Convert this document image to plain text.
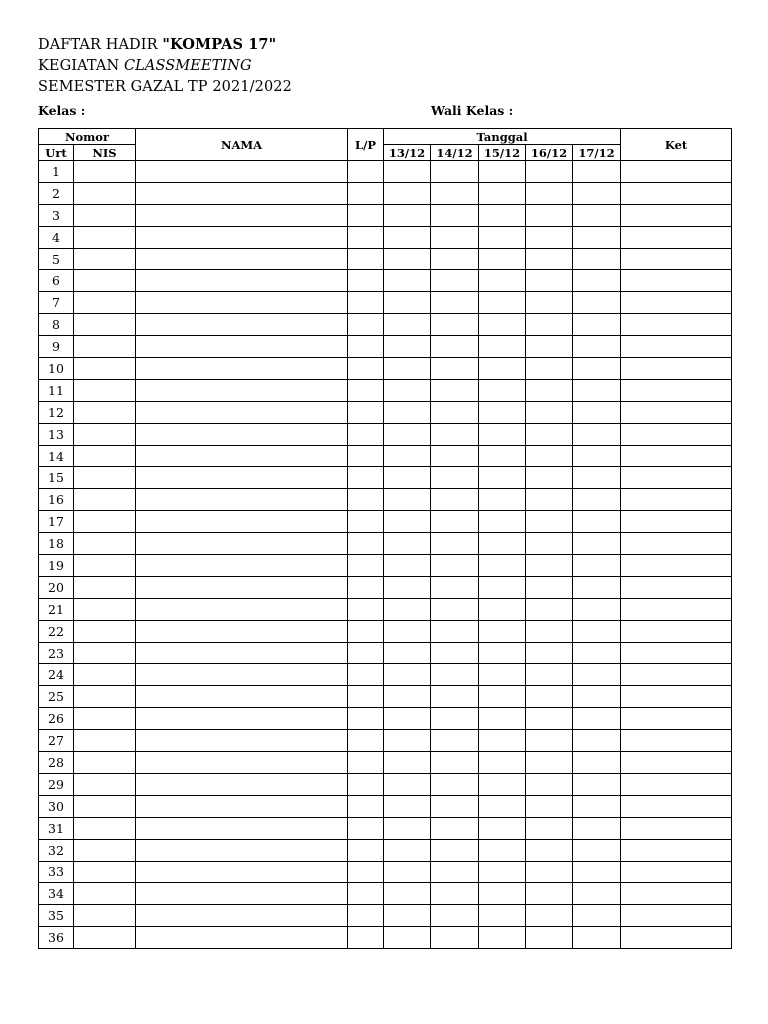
DAFTAR HADIR "KOMPAS 17"
KEGIATAN CLASSMEETING
SEMESTER GAZAL TP 2021/2022
Kelas :	Wali Kelas :
Nomor		NAMA	L/P	Tanggal					Ket
Urt	NIS			13/12	14/12	15/12	16/12	17/12	
1									
2									
3									
4									
5									
6									
7									
8									
9									
10									
11									
12									
13									
14									
15									
16									
17									
18									
19									
20									
21									
22									
23									
24									
25									
26									
27									
28									
29									
30									
31									
32									
33									
34									
35									
36									
